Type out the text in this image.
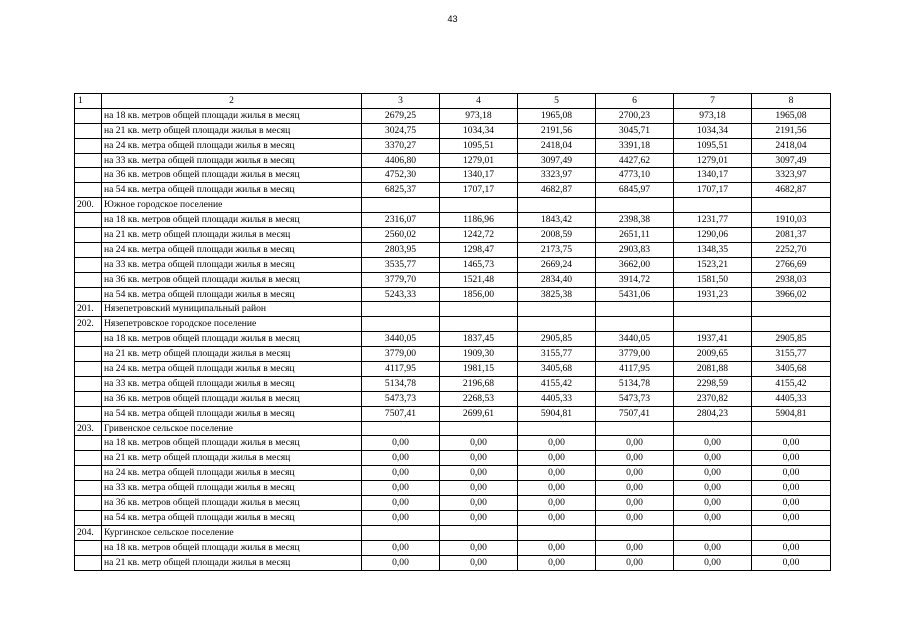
43
1	2	3	4	5	6	7	8
	на 18 кв. метров общей площади жилья в месяц	2679,25	973,18	1965,08	2700,23	973,18	1965,08
	на 21 кв. метр общей площади жилья в месяц	3024,75	1034,34	2191,56	3045,71	1034,34	2191,56
	на 24 кв. метра общей площади жилья в месяц	3370,27	1095,51	2418,04	3391,18	1095,51	2418,04
	на 33 кв. метра общей площади жилья в месяц	4406,80	1279,01	3097,49	4427,62	1279,01	3097,49
	на 36 кв. метров общей площади жилья в месяц	4752,30	1340,17	3323,97	4773,10	1340,17	3323,97
	на 54 кв. метра общей площади жилья в месяц	6825,37	1707,17	4682,87	6845,97	1707,17	4682,87
200.	Южное городское поселение						
	на 18 кв. метров общей площади жилья в месяц	2316,07	1186,96	1843,42	2398,38	1231,77	1910,03
	на 21 кв. метр общей площади жилья в месяц	2560,02	1242,72	2008,59	2651,11	1290,06	2081,37
	на 24 кв. метра общей площади жилья в месяц	2803,95	1298,47	2173,75	2903,83	1348,35	2252,70
	на 33 кв. метра общей площади жилья в месяц	3535,77	1465,73	2669,24	3662,00	1523,21	2766,69
	на 36 кв. метров общей площади жилья в месяц	3779,70	1521,48	2834,40	3914,72	1581,50	2938,03
	на 54 кв. метра общей площади жилья в месяц	5243,33	1856,00	3825,38	5431,06	1931,23	3966,02
201.	Нязепетровский муниципальный район						
202.	Нязепетровское городское поселение						
	на 18 кв. метров общей площади жилья в месяц	3440,05	1837,45	2905,85	3440,05	1937,41	2905,85
	на 21 кв. метр общей площади жилья в месяц	3779,00	1909,30	3155,77	3779,00	2009,65	3155,77
	на 24 кв. метра общей площади жилья в месяц	4117,95	1981,15	3405,68	4117,95	2081,88	3405,68
	на 33 кв. метра общей площади жилья в месяц	5134,78	2196,68	4155,42	5134,78	2298,59	4155,42
	на 36 кв. метров общей площади жилья в месяц	5473,73	2268,53	4405,33	5473,73	2370,82	4405,33
	на 54 кв. метра общей площади жилья в месяц	7507,41	2699,61	5904,81	7507,41	2804,23	5904,81
203.	Гривенское сельское поселение						
	на 18 кв. метров общей площади жилья в месяц	0,00	0,00	0,00	0,00	0,00	0,00
	на 21 кв. метр общей площади жилья в месяц	0,00	0,00	0,00	0,00	0,00	0,00
	на 24 кв. метра общей площади жилья в месяц	0,00	0,00	0,00	0,00	0,00	0,00
	на 33 кв. метра общей площади жилья в месяц	0,00	0,00	0,00	0,00	0,00	0,00
	на 36 кв. метров общей площади жилья в месяц	0,00	0,00	0,00	0,00	0,00	0,00
	на 54 кв. метра общей площади жилья в месяц	0,00	0,00	0,00	0,00	0,00	0,00
204.	Кургинское сельское поселение						
	на 18 кв. метров общей площади жилья в месяц	0,00	0,00	0,00	0,00	0,00	0,00
	на 21 кв. метр общей площади жилья в месяц	0,00	0,00	0,00	0,00	0,00	0,00
